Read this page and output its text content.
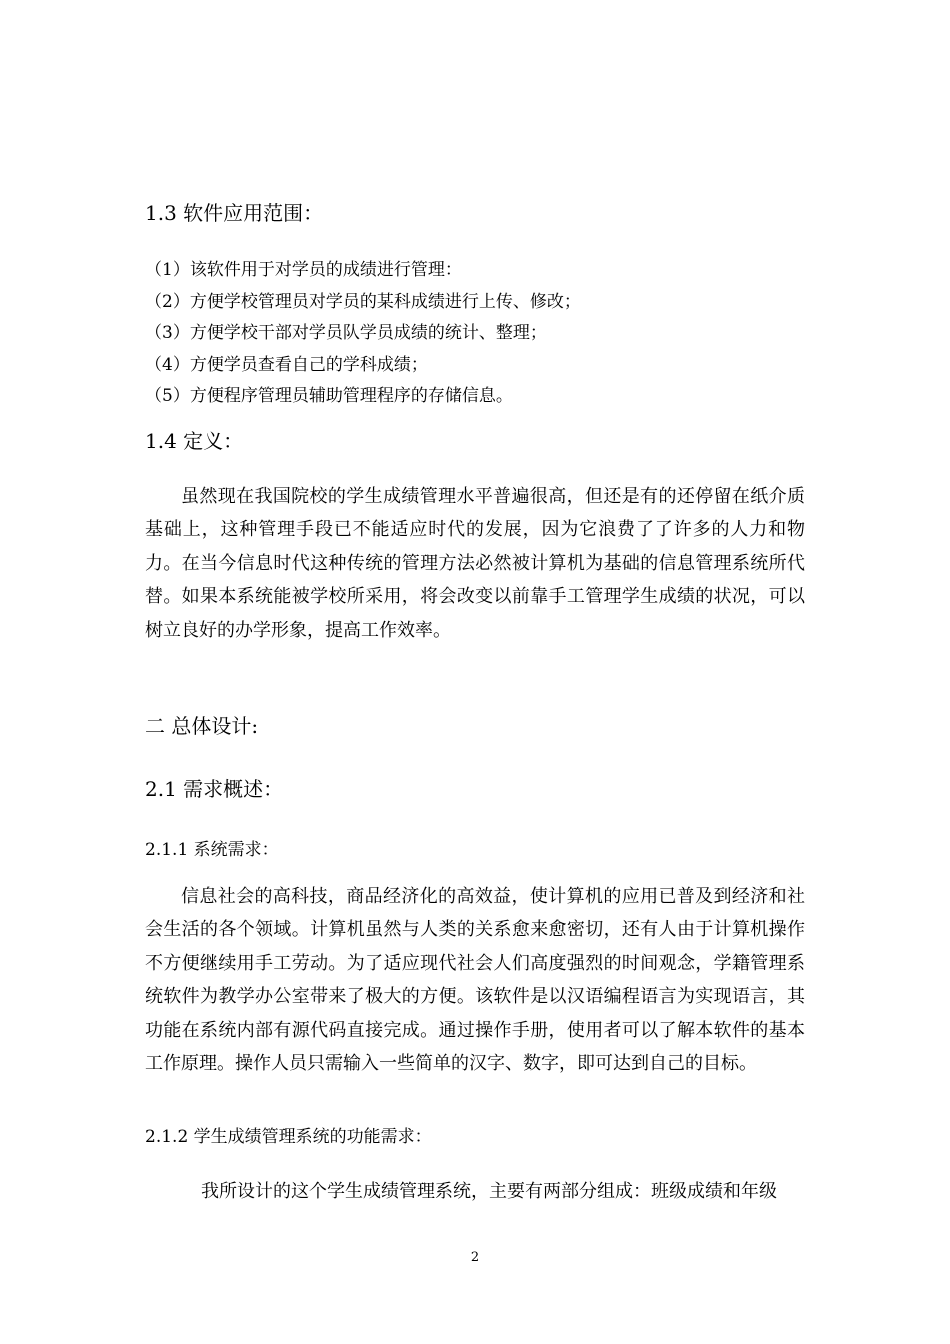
1.3 软件应用范围：
（1）该软件用于对学员的成绩进行管理：
（2）方便学校管理员对学员的某科成绩进行上传、修改；
（3）方便学校干部对学员队学员成绩的统计、整理；
（4）方便学员查看自己的学科成绩；
（5）方便程序管理员辅助管理程序的存储信息。
1.4 定义：

虽然现在我国院校的学生成绩管理水平普遍很高，但还是有的还停留在纸介质基础上，这种管理手段已不能适应时代的发展，因为它浪费了了许多的人力和物力。在当今信息时代这种传统的管理方法必然被计算机为基础的信息管理系统所代替。如果本系统能被学校所采用，将会改变以前靠手工管理学生成绩的状况，可以树立良好的办学形象，提高工作效率。

二 总体设计:
2.1 需求概述：
2.1.1 系统需求：

信息社会的高科技，商品经济化的高效益，使计算机的应用已普及到经济和社会生活的各个领域。计算机虽然与人类的关系愈来愈密切，还有人由于计算机操作不方便继续用手工劳动。为了适应现代社会人们高度强烈的时间观念，学籍管理系统软件为教学办公室带来了极大的方便。该软件是以汉语编程语言为实现语言，其功能在系统内部有源代码直接完成。通过操作手册，使用者可以了解本软件的基本工作原理。操作人员只需输入一些简单的汉字、数字，即可达到自己的目标。

2.1.2 学生成绩管理系统的功能需求：

我所设计的这个学生成绩管理系统，主要有两部分组成：班级成绩和年级

2
